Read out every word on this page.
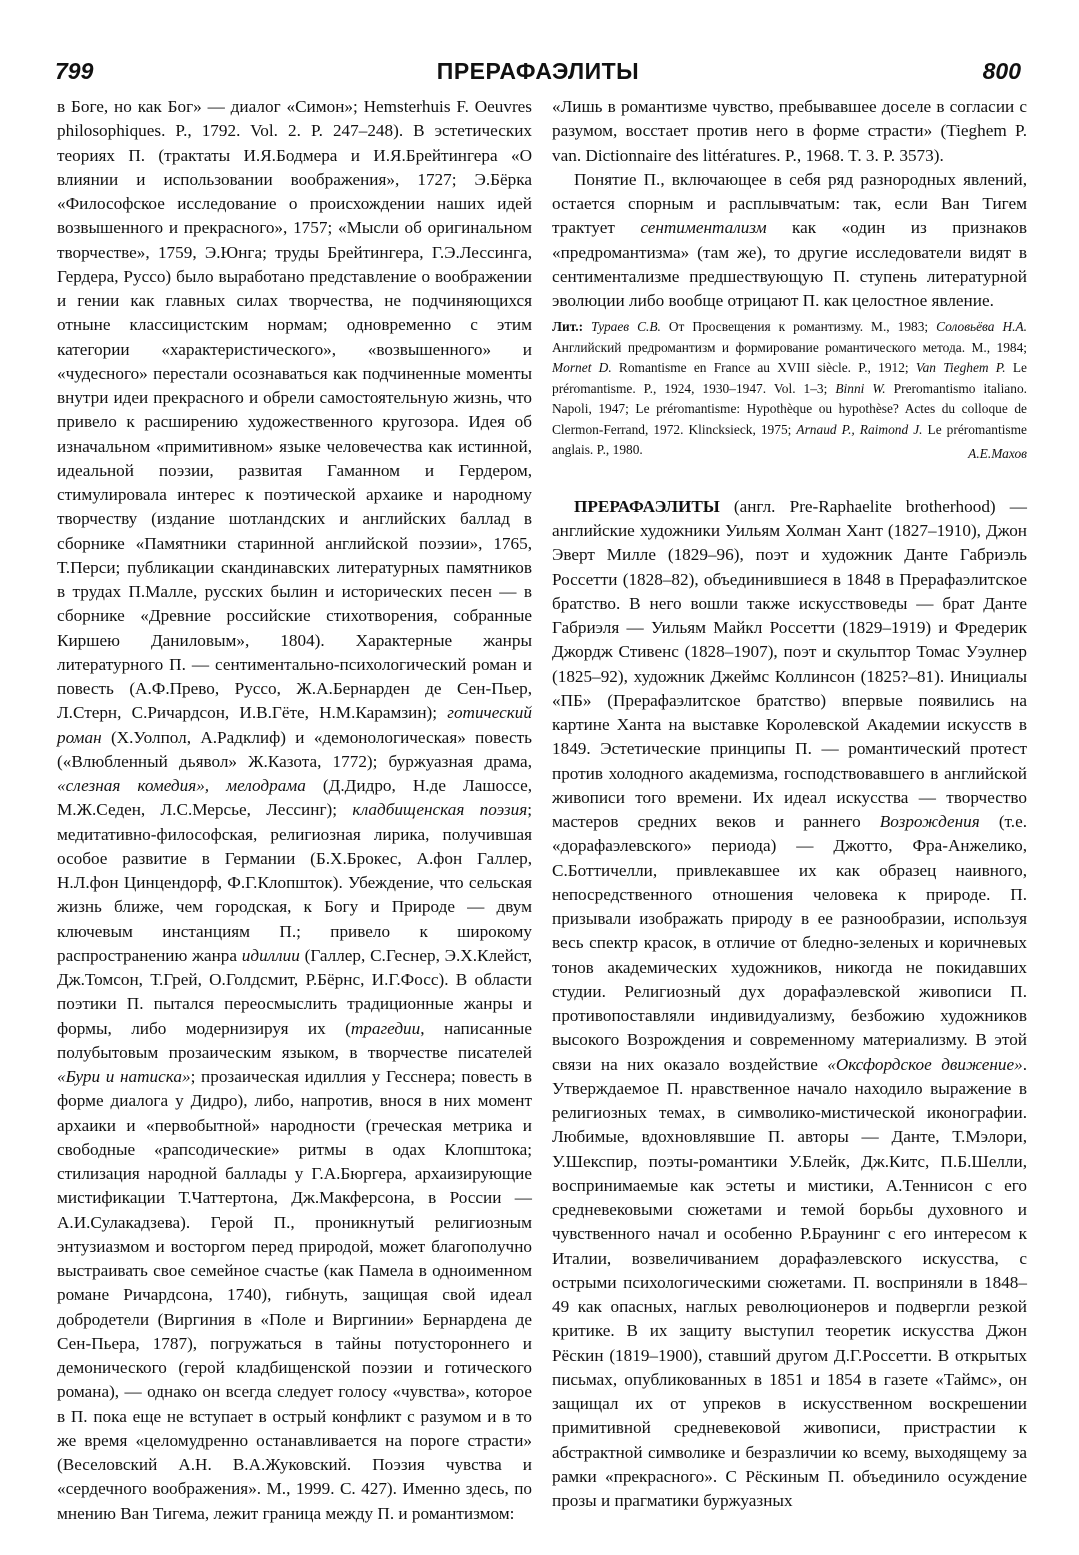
799	ПРЕРАФАЭЛИТЫ	800

в Боге, но как Бог» — диалог «Симон»; Hemsterhuis F. Oeuvres philosophiques. P., 1792. Vol. 2. P. 247–248). В эстетических теориях П. (трактаты И.Я.Бодмера и И.Я.Брейтингера «О влиянии и использовании воображения», 1727; Э.Бёрка «Философское исследование о происхождении наших идей возвышенного и прекрасного», 1757; «Мысли об оригинальном творчестве», 1759, Э.Юнга; труды Брейтингера, Г.Э.Лессинга, Гердера, Руссо) было выработано представление о воображении и гении как главных силах творчества, не подчиняющихся отныне классицистским нормам; одновременно с этим категории «характеристического», «возвышенного» и «чудесного» перестали осознаваться как подчиненные моменты внутри идеи прекрасного и обрели самостоятельную жизнь, что привело к расширению художественного кругозора. Идея об изначальном «примитивном» языке человечества как истинной, идеальной поэзии, развитая Гаманном и Гердером, стимулировала интерес к поэтической архаике и народному творчеству (издание шотландских и английских баллад в сборнике «Памятники старинной английской поэзии», 1765, Т.Перси; публикации скандинавских литературных памятников в трудах П.Малле, русских былин и исторических песен — в сборнике «Древние российские стихотворения, собранные Киршею Даниловым», 1804). Характерные жанры литературного П. — сентиментально-психологический роман и повесть (А.Ф.Прево, Руссо, Ж.А.Бернарден де Сен-Пьер, Л.Стерн, С.Ричардсон, И.В.Гёте, Н.М.Карамзин); готический роман (Х.Уолпол, А.Радклиф) и «демонологическая» повесть («Влюбленный дьявол» Ж.Казота, 1772); буржуазная драма, «слезная комедия», мелодрама (Д.Дидро, Н.де Лашоссе, М.Ж.Седен, Л.С.Мерсье, Лессинг); кладбищенская поэзия; медитативно-философская, религиозная лирика, получившая особое развитие в Германии (Б.Х.Брокес, А.фон Галлер, Н.Л.фон Цинцендорф, Ф.Г.Клопшток). Убеждение, что сельская жизнь ближе, чем городская, к Богу и Природе — двум ключевым инстанциям П.; привело к широкому распространению жанра идиллии (Галлер, С.Геснер, Э.Х.Клейст, Дж.Томсон, Т.Грей, О.Голдсмит, Р.Бёрнс, И.Г.Фосс). В области поэтики П. пытался переосмыслить традиционные жанры и формы, либо модернизируя их (трагедии, написанные полубытовым прозаическим языком, в творчестве писателей «Бури и натиска»; прозаическая идиллия у Гесснера; повесть в форме диалога у Дидро), либо, напротив, внося в них момент архаики и «первобытной» народности (греческая метрика и свободные «рапсодические» ритмы в одах Клопштока; стилизация народной баллады у Г.А.Бюргера, архаизирующие мистификации Т.Чаттертона, Дж.Макферсона, в России — А.И.Сулакадзева). Герой П., проникнутый религиозным энтузиазмом и восторгом перед природой, может благополучно выстраивать свое семейное счастье (как Памела в одноименном романе Ричардсона, 1740), гибнуть, защищая свой идеал добродетели (Виргиния в «Поле и Виргинии» Бернардена де Сен-Пьера, 1787), погружаться в тайны потустороннего и демонического (герой кладбищенской поэзии и готического романа), — однако он всегда следует голосу «чувства», которое в П. пока еще не вступает в острый конфликт с разумом и в то же время «целомудренно останавливается на пороге страсти» (Веселовский А.Н. В.А.Жуковский. Поэзия чувства и «сердечного воображения». М., 1999. С. 427). Именно здесь, по мнению Ван Тигема, лежит граница между П. и романтизмом:

«Лишь в романтизме чувство, пребывавшее доселе в согласии с разумом, восстает против него в форме страсти» (Tieghem P. van. Dictionnaire des littératures. P., 1968. T. 3. P. 3573).

Понятие П., включающее в себя ряд разнородных явлений, остается спорным и расплывчатым: так, если Ван Тигем трактует сентиментализм как «один из признаков «предромантизма» (там же), то другие исследователи видят в сентиментализме предшествующую П. ступень литературной эволюции либо вообще отрицают П. как целостное явление.

Лит.: Тураев С.В. От Просвещения к романтизму. М., 1983; Соловьёва Н.А. Английский предромантизм и формирование романтического метода. М., 1984; Mornet D. Romantisme en France au XVIII siècle. P., 1912; Van Tieghem P. Le préromantisme. P., 1924, 1930–1947. Vol. 1–3; Binni W. Preromantismo italiano. Napoli, 1947; Le préromantisme: Hypothèque ou hypothèse? Actes du colloque de Clermon-Ferrand, 1972. Klincksieck, 1975; Arnaud P., Raimond J. Le préromantisme anglais. P., 1980.	А.Е.Махов

ПРЕРАФАЭЛИТЫ (англ. Pre-Raphaelite brotherhood) — английские художники Уильям Холман Хант (1827–1910), Джон Эверт Милле (1829–96), поэт и художник Данте Габриэль Россетти (1828–82), объединившиеся в 1848 в Прерафаэлитское братство. В него вошли также искусствоведы — брат Данте Габриэля — Уильям Майкл Россетти (1829–1919) и Фредерик Джордж Стивенс (1828–1907), поэт и скульптор Томас Уэулнер (1825–92), художник Джеймс Коллинсон (1825?–81). Инициалы «ПБ» (Прерафаэлитское братство) впервые появились на картине Ханта на выставке Королевской Академии искусств в 1849. Эстетические принципы П. — романтический протест против холодного академизма, господствовавшего в английской живописи того времени. Их идеал искусства — творчество мастеров средних веков и раннего Возрождения (т.е. «дорафаэлевского» периода) — Джотто, Фра-Анжелико, С.Боттичелли, привлекавшее их как образец наивного, непосредственного отношения человека к природе. П. призывали изображать природу в ее разнообразии, используя весь спектр красок, в отличие от бледно-зеленых и коричневых тонов академических художников, никогда не покидавших студии. Религиозный дух дорафаэлевской живописи П. противопоставляли индивидуализму, безбожию художников высокого Возрождения и современному материализму. В этой связи на них оказало воздействие «Оксфордское движение». Утверждаемое П. нравственное начало находило выражение в религиозных темах, в символико-мистической иконографии. Любимые, вдохновлявшие П. авторы — Данте, Т.Мэлори, У.Шекспир, поэты-романтики У.Блейк, Дж.Китс, П.Б.Шелли, воспринимаемые как эстеты и мистики, А.Теннисон с его средневековыми сюжетами и темой борьбы духовного и чувственного начал и особенно Р.Браунинг с его интересом к Италии, возвеличиванием дорафаэлевского искусства, с острыми психологическими сюжетами. П. восприняли в 1848–49 как опасных, наглых революционеров и подвергли резкой критике. В их защиту выступил теоретик искусства Джон Рёскин (1819–1900), ставший другом Д.Г.Россетти. В открытых письмах, опубликованных в 1851 и 1854 в газете «Таймс», он защищал их от упреков в искусственном воскрешении примитивной средневековой живописи, пристрастии к абстрактной символике и безразличии ко всему, выходящему за рамки «прекрасного». С Рёскиным П. объединило осуждение прозы и прагматики буржуазных
